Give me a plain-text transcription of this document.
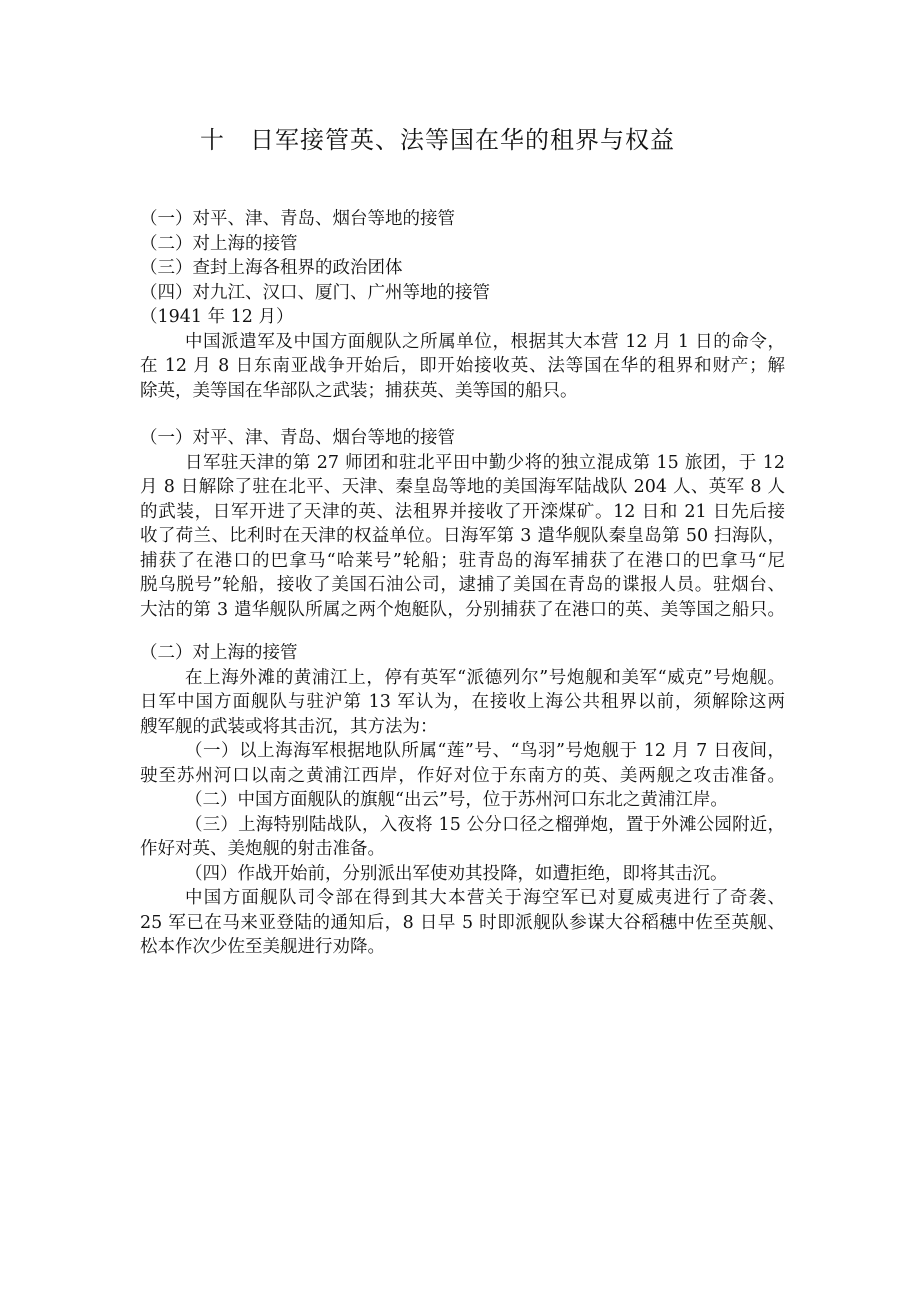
十　日军接管英、法等国在华的租界与权益
（一）对平、津、青岛、烟台等地的接管
（二）对上海的接管
（三）查封上海各租界的政治团体
（四）对九江、汉口、厦门、广州等地的接管
（1941 年 12 月）
中国派遣军及中国方面舰队之所属单位，根据其大本营 12 月 1 日的命令，
在 12 月 8 日东南亚战争开始后，即开始接收英、法等国在华的租界和财产；解
除英，美等国在华部队之武装；捕获英、美等国的船只。
（一）对平、津、青岛、烟台等地的接管
日军驻天津的第 27 师团和驻北平田中勤少将的独立混成第 15 旅团，于 12
月 8 日解除了驻在北平、天津、秦皇岛等地的美国海军陆战队 204 人、英军 8 人
的武装，日军开进了天津的英、法租界并接收了开滦煤矿。12 日和 21 日先后接
收了荷兰、比利时在天津的权益单位。日海军第 3 遣华舰队秦皇岛第 50 扫海队，
捕获了在港口的巴拿马“哈莱号”轮船；驻青岛的海军捕获了在港口的巴拿马“尼
脱乌脱号”轮船，接收了美国石油公司，逮捕了美国在青岛的谍报人员。驻烟台、
大沽的第 3 遣华舰队所属之两个炮艇队，分别捕获了在港口的英、美等国之船只。
（二）对上海的接管
在上海外滩的黄浦江上，停有英军“派德列尔”号炮舰和美军“威克”号炮舰。
日军中国方面舰队与驻沪第 13 军认为，在接收上海公共租界以前，须解除这两
艘军舰的武装或将其击沉，其方法为：
（一）以上海海军根据地队所属“莲”号、“鸟羽”号炮舰于 12 月 7 日夜间，
驶至苏州河口以南之黄浦江西岸，作好对位于东南方的英、美两舰之攻击准备。
（二）中国方面舰队的旗舰“出云”号，位于苏州河口东北之黄浦江岸。
（三）上海特别陆战队，入夜将 15 公分口径之榴弹炮，置于外滩公园附近，
作好对英、美炮舰的射击准备。
（四）作战开始前，分别派出军使劝其投降，如遭拒绝，即将其击沉。
中国方面舰队司令部在得到其大本营关于海空军已对夏威夷进行了奇袭、
25 军已在马来亚登陆的通知后，8 日早 5 时即派舰队参谋大谷稻穗中佐至英舰、
松本作次少佐至美舰进行劝降。
